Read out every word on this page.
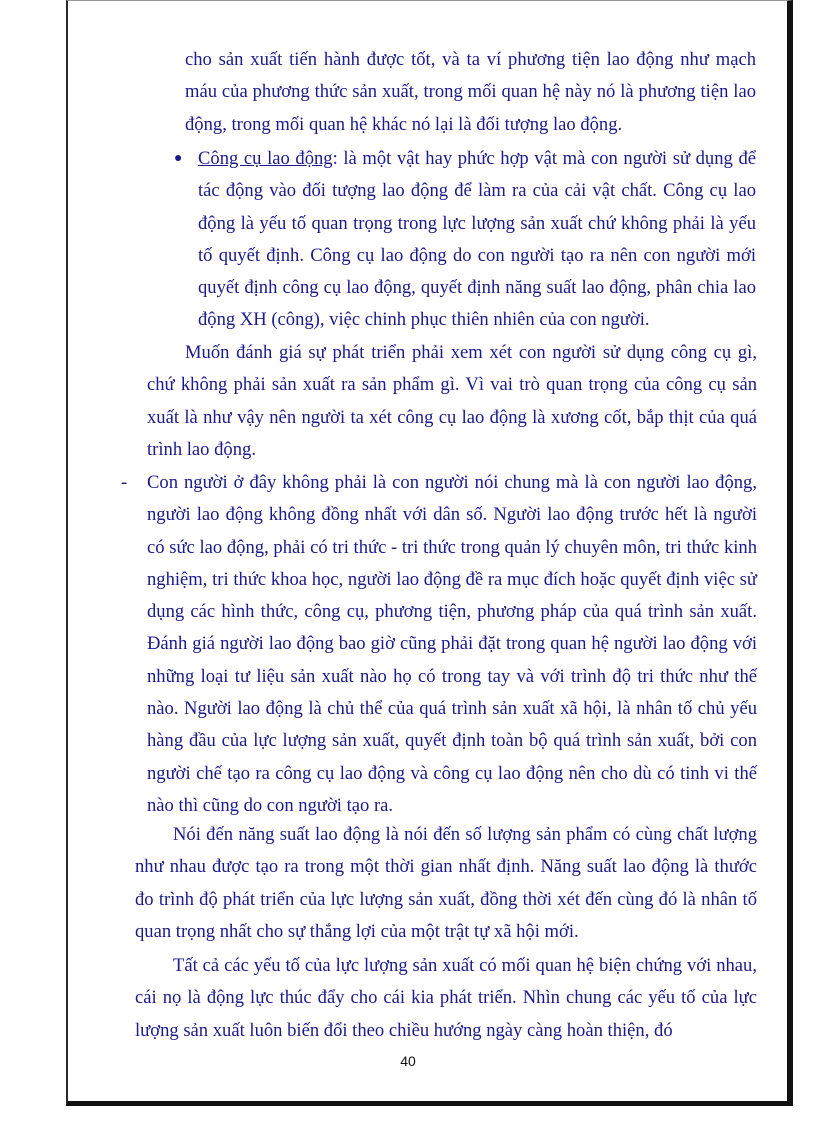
cho sản xuất tiến hành được tốt, và ta ví phương tiện lao động như mạch máu của phương thức sản xuất, trong mối quan hệ này nó là phương tiện lao động, trong mối quan hệ khác nó lại là đối tượng lao động.

● Công cụ lao động: là một vật hay phức hợp vật mà con người sử dụng để tác động vào đối tượng lao động để làm ra của cải vật chất. Công cụ lao động là yếu tố quan trọng trong lực lượng sản xuất chứ không phải là yếu tố quyết định. Công cụ lao động do con người tạo ra nên con người mới quyết định công cụ lao động, quyết định năng suất lao động, phân chia lao động XH (công), việc chinh phục thiên nhiên của con người.

Muốn đánh giá sự phát triển phải xem xét con người sử dụng công cụ gì, chứ không phải sản xuất ra sản phẩm gì. Vì vai trò quan trọng của công cụ sản xuất là như vậy nên người ta xét công cụ lao động là xương cốt, bắp thịt của quá trình lao động.

- Con người ở đây không phải là con người nói chung mà là con người lao động, người lao động không đồng nhất với dân số. Người lao động trước hết là người có sức lao động, phải có tri thức - tri thức trong quản lý chuyên môn, tri thức kinh nghiệm, tri thức khoa học, người lao động đề ra mục đích hoặc quyết định việc sử dụng các hình thức, công cụ, phương tiện, phương pháp của quá trình sản xuất. Đánh giá người lao động bao giờ cũng phải đặt trong quan hệ người lao động với những loại tư liệu sản xuất nào họ có trong tay và với trình độ tri thức như thế nào. Người lao động là chủ thể của quá trình sản xuất xã hội, là nhân tố chủ yếu hàng đầu của lực lượng sản xuất, quyết định toàn bộ quá trình sản xuất, bởi con người chế tạo ra công cụ lao động và công cụ lao động nên cho dù có tinh vi thế nào thì cũng do con người tạo ra.

Nói đến năng suất lao động là nói đến số lượng sản phẩm có cùng chất lượng như nhau được tạo ra trong một thời gian nhất định. Năng suất lao động là thước đo trình độ phát triển của lực lượng sản xuất, đồng thời xét đến cùng đó là nhân tố quan trọng nhất cho sự thắng lợi của một trật tự xã hội mới.

Tất cả các yếu tố của lực lượng sản xuất có mối quan hệ biện chứng với nhau, cái nọ là động lực thúc đẩy cho cái kia phát triển. Nhìn chung các yếu tố của lực lượng sản xuất luôn biến đổi theo chiều hướng ngày càng hoàn thiện, đó

40
